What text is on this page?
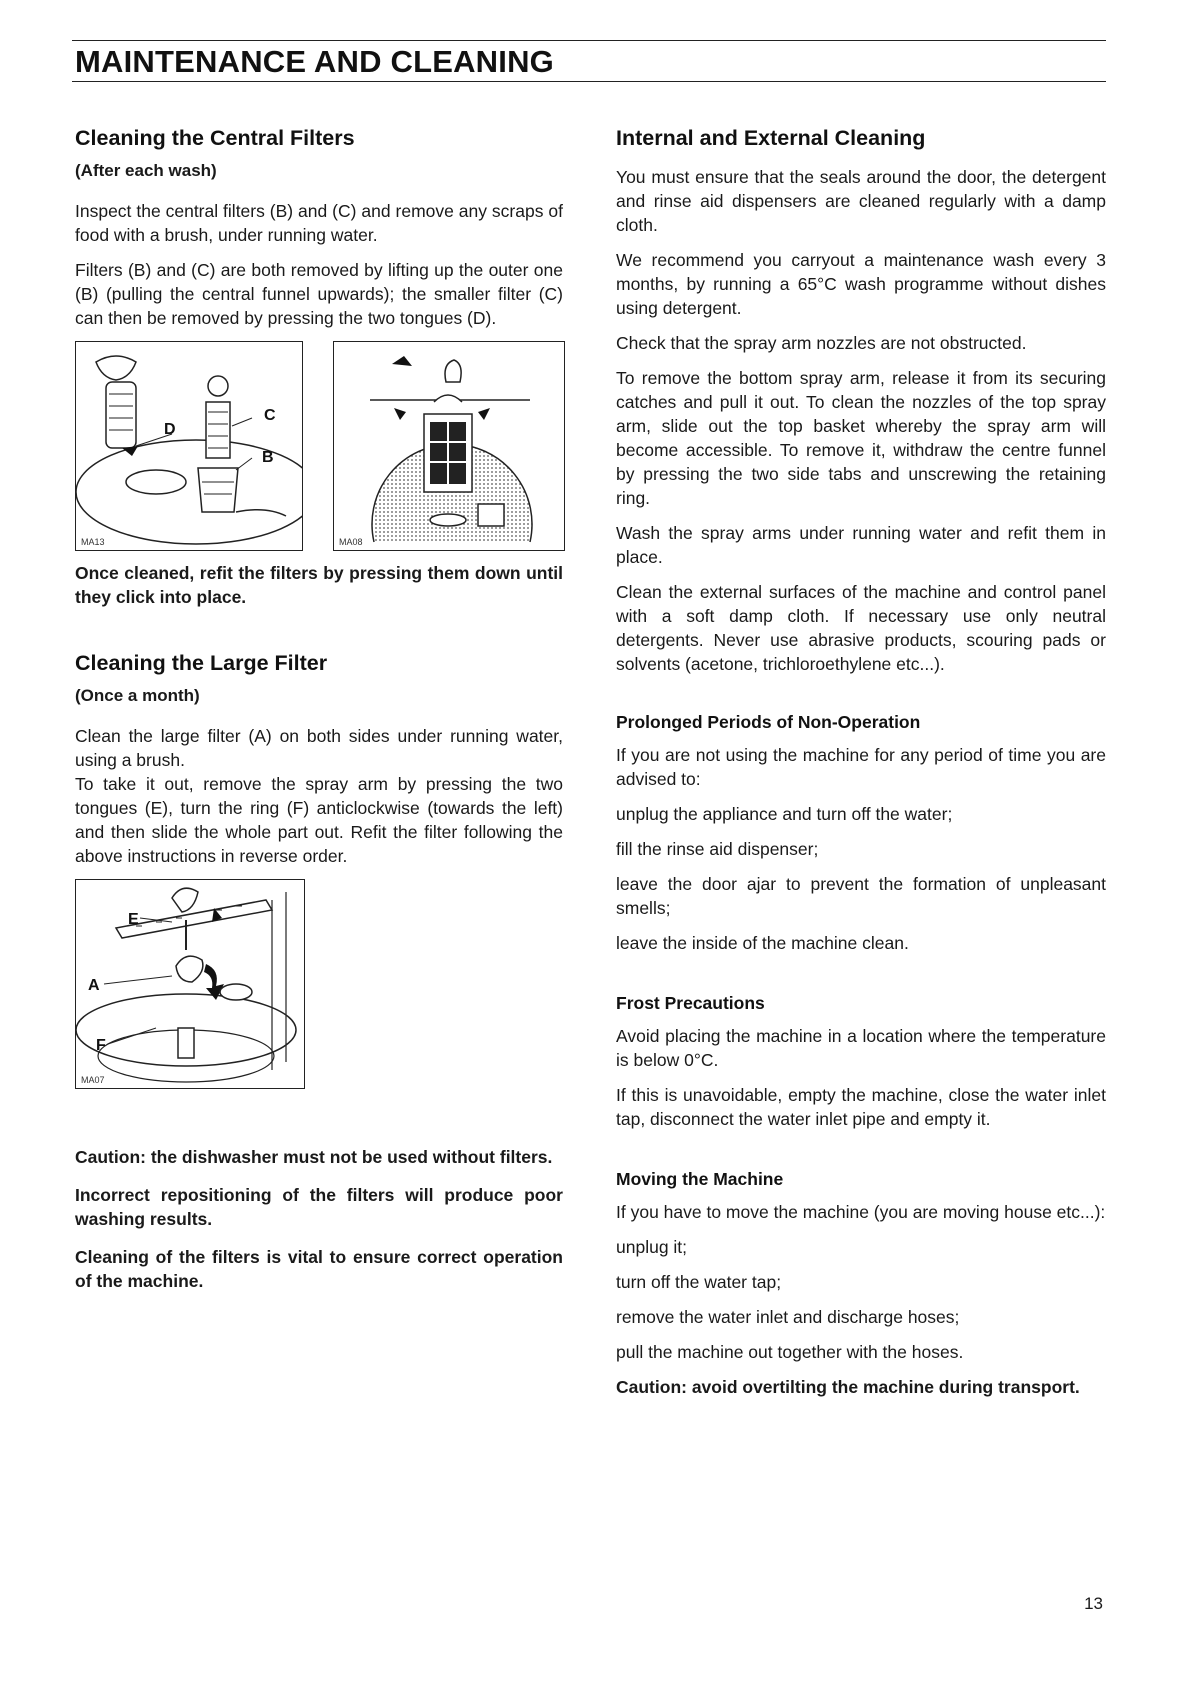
MAINTENANCE AND CLEANING
Cleaning the Central Filters
(After each wash)

Inspect the central filters (B) and (C) and remove any scraps of food with a brush, under running water.

Filters (B) and (C) are both removed by lifting up the outer one (B) (pulling the central funnel upwards); the smaller filter (C) can then be removed by pressing the two tongues (D).

D
C
B
MA13	MA08

Once cleaned, refit the filters by pressing them down until they click into place.

Cleaning the Large Filter
(Once a month)

Clean the large filter (A) on both sides under running water, using a brush.

To take it out, remove the spray arm by pressing the two tongues (E), turn the ring (F) anticlockwise (towards the left) and then slide the whole part out. Refit the filter following the above instructions in reverse order.

E
A
F
MA07

Caution: the dishwasher must not be used without filters.

Incorrect repositioning of the filters will produce poor washing results.

Cleaning of the filters is vital to ensure correct operation of the machine.

Internal and External Cleaning

You must ensure that the seals around the door, the detergent and rinse aid dispensers are cleaned regularly with a damp cloth.

We recommend you carryout a maintenance wash every 3 months, by running a 65°C wash programme without dishes using detergent.

Check that the spray arm nozzles are not obstructed.

To remove the bottom spray arm, release it from its securing catches and pull it out. To clean the nozzles of the top spray arm, slide out the top basket whereby the spray arm will become accessible. To remove it, withdraw the centre funnel by pressing the two side tabs and unscrewing the retaining ring.

Wash the spray arms under running water and refit them in place.

Clean the external surfaces of the machine and control panel with a soft damp cloth. If necessary use only neutral detergents. Never use abrasive products, scouring pads or solvents (acetone, trichloroethylene etc...).

Prolonged Periods of Non-Operation

If you are not using the machine for any period of time you are advised to:

unplug the appliance and turn off the water;

fill the rinse aid dispenser;

leave the door ajar to prevent the formation of unpleasant smells;

leave the inside of the machine clean.

Frost Precautions

Avoid placing the machine in a location where the temperature is below 0°C.

If this is unavoidable, empty the machine, close the water inlet tap, disconnect the water inlet pipe and empty it.

Moving the Machine

If you have to move the machine (you are moving house etc...):

unplug it;

turn off the water tap;

remove the water inlet and discharge hoses;

pull the machine out together with the hoses.

Caution: avoid overtilting the machine during transport.

13
